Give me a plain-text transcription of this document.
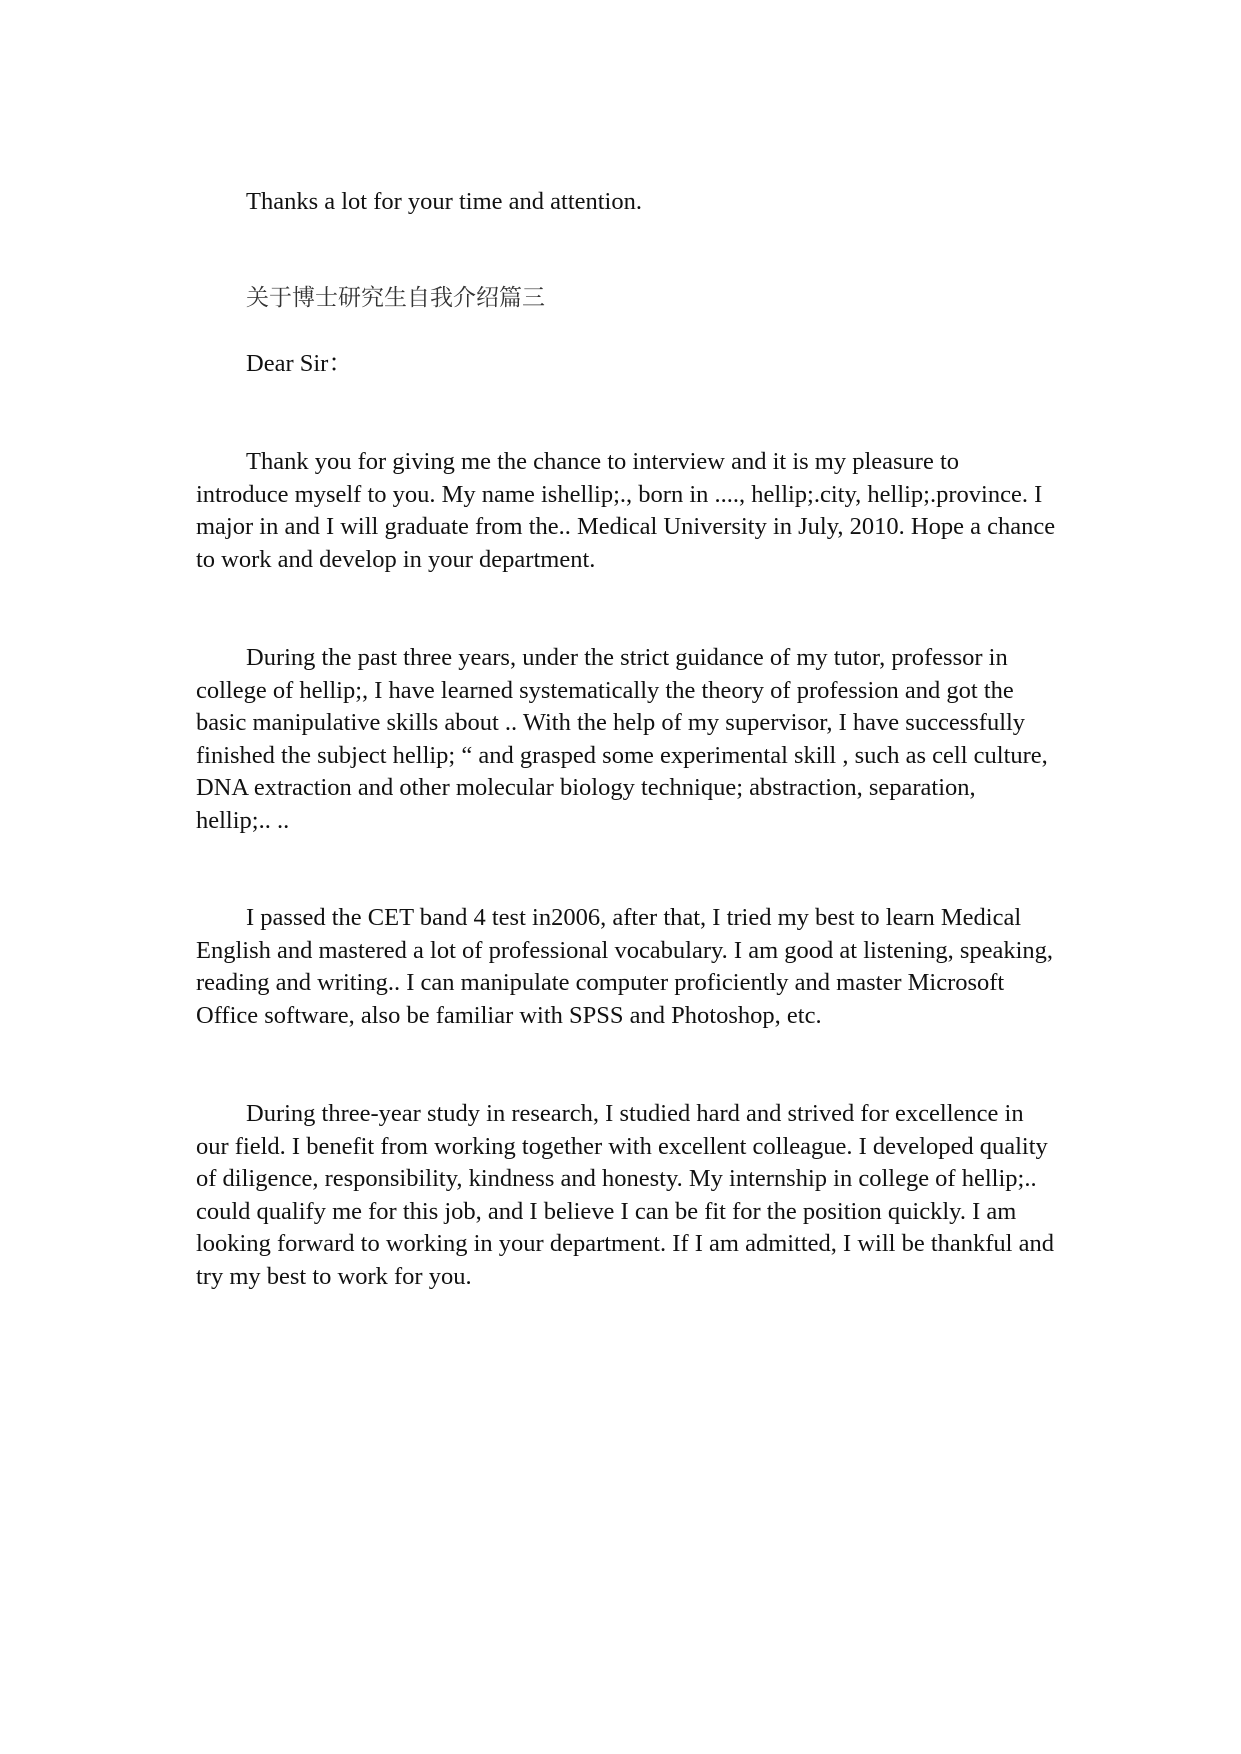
Thanks a lot for your time and attention.

关于博士研究生自我介绍篇三

Dear Sir：

Thank you for giving me the chance to interview and it is my pleasure to introduce myself to you. My name ishellip;., born in ...., hellip;.city, hellip;.province. I major in and I will graduate from the.. Medical University in July, 2010. Hope a chance to work and develop in your department.

During the past three years, under the strict guidance of my tutor, professor in college of hellip;, I have learned systematically the theory of profession and got the basic manipulative skills about .. With the help of my supervisor, I have successfully finished the subject hellip; “ and grasped some experimental skill , such as cell culture, DNA extraction and other molecular biology technique; abstraction, separation, hellip;.. ..

I passed the CET band 4 test in2006, after that, I tried my best to learn Medical English and mastered a lot of professional vocabulary. I am good at listening, speaking, reading and writing.. I can manipulate computer proficiently and master Microsoft Office software, also be familiar with SPSS and Photoshop, etc.

During three-year study in research, I studied hard and strived for excellence in our field. I benefit from working together with excellent colleague. I developed quality of diligence, responsibility, kindness and honesty. My internship in college of hellip;.. could qualify me for this job, and I believe I can be fit for the position quickly. I am looking forward to working in your department. If I am admitted, I will be thankful and try my best to work for you.
